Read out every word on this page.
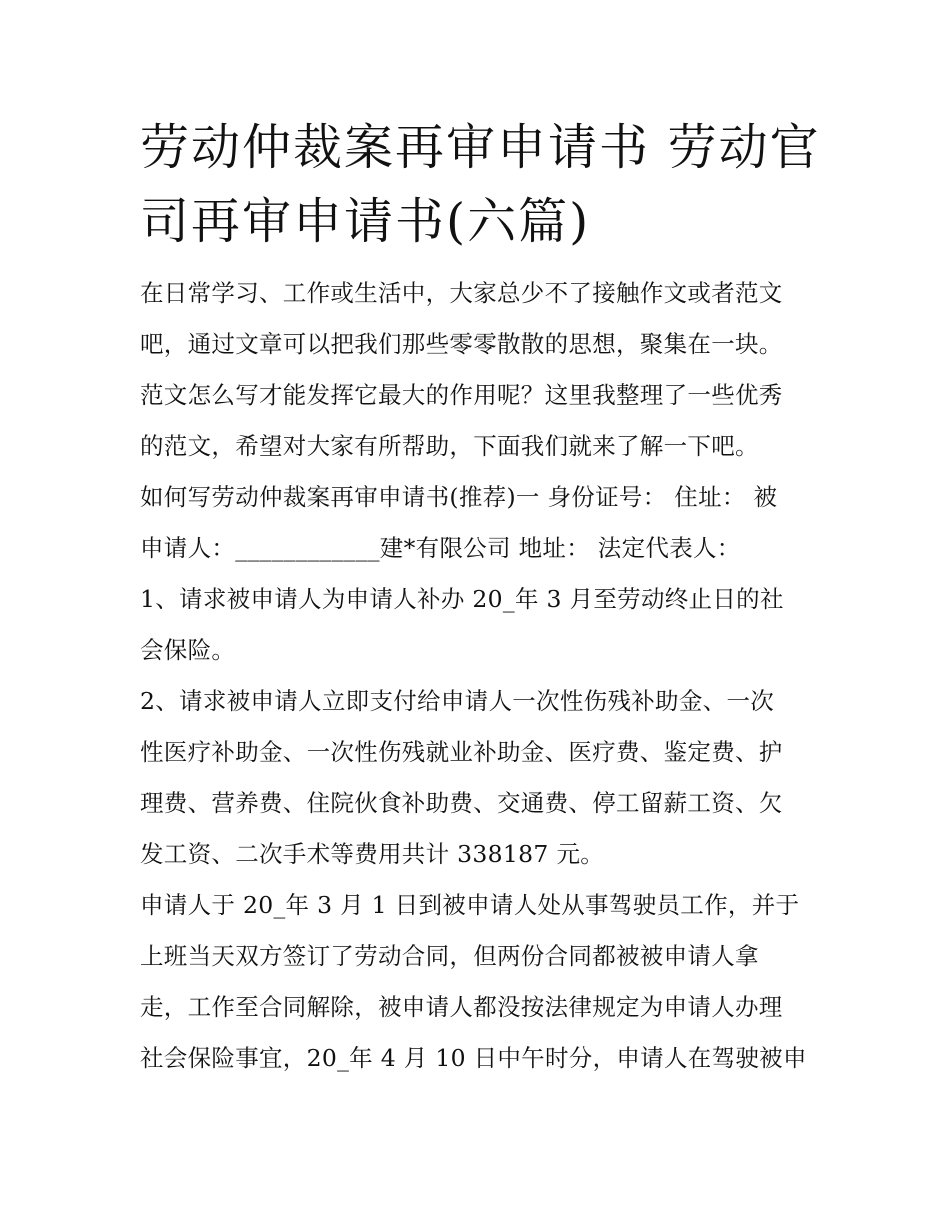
劳动仲裁案再审申请书 劳动官
司再审申请书(六篇)
在日常学习、工作或生活中，大家总少不了接触作文或者范文
吧，通过文章可以把我们那些零零散散的思想，聚集在一块。
范文怎么写才能发挥它最大的作用呢？这里我整理了一些优秀
的范文，希望对大家有所帮助，下面我们就来了解一下吧。
如何写劳动仲裁案再审申请书(推荐)一 身份证号： 住址： 被
申请人：____________建*有限公司 地址： 法定代表人：
1、请求被申请人为申请人补办 20_年 3 月至劳动终止日的社
会保险。
2、请求被申请人立即支付给申请人一次性伤残补助金、一次
性医疗补助金、一次性伤残就业补助金、医疗费、鉴定费、护
理费、营养费、住院伙食补助费、交通费、停工留薪工资、欠
发工资、二次手术等费用共计 338187 元。
申请人于 20_年 3 月 1 日到被申请人处从事驾驶员工作，并于
上班当天双方签订了劳动合同，但两份合同都被被申请人拿
走，工作至合同解除，被申请人都没按法律规定为申请人办理
社会保险事宜，20_年 4 月 10 日中午时分，申请人在驾驶被申
